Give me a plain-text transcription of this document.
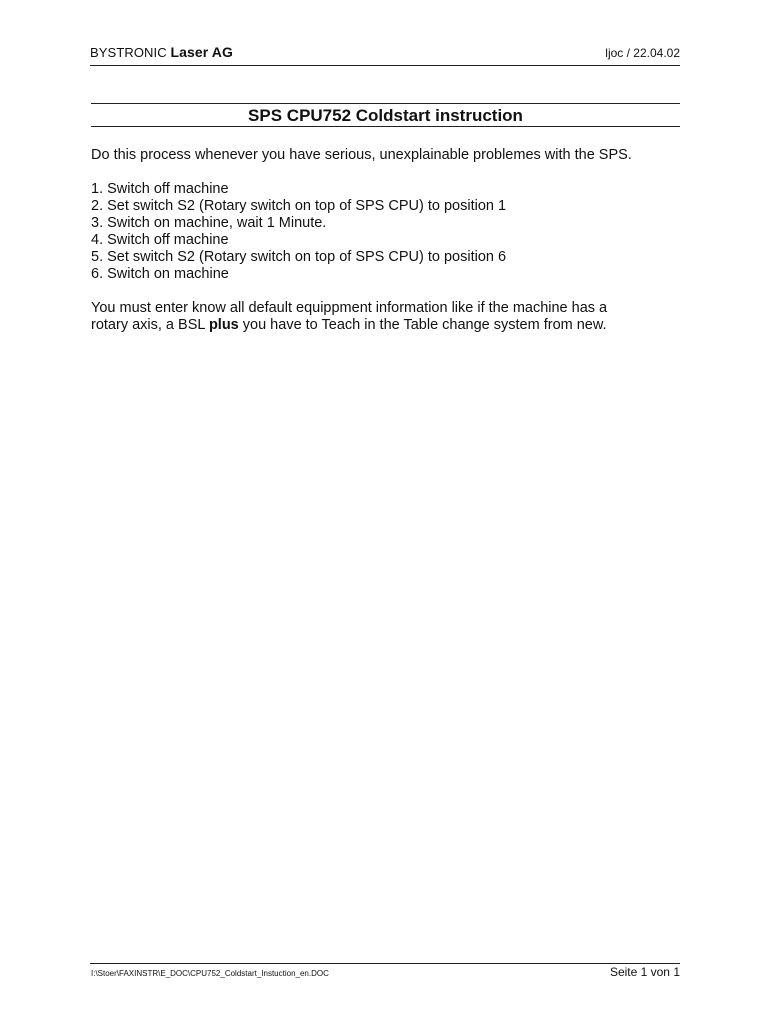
BYSTRONIC Laser AG	ljoc / 22.04.02
SPS CPU752 Coldstart instruction

Do this process whenever you have serious, unexplainable problemes with the SPS.

1. Switch off machine
2. Set switch S2 (Rotary switch on top of SPS CPU) to position 1
3. Switch on machine, wait 1 Minute.
4. Switch off machine
5. Set switch S2 (Rotary switch on top of SPS CPU) to position 6
6. Switch on machine

You must enter know all default equippment information like if the machine has a
rotary axis, a BSL plus you have to Teach in the Table change system from new.

I:\Stoer\FAXINSTR\E_DOC\CPU752_Coldstart_Instuction_en.DOC	Seite 1 von 1
